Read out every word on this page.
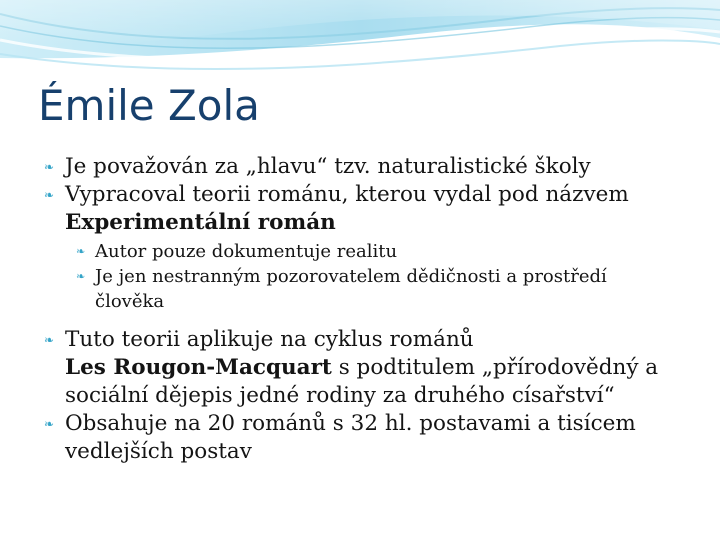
Émile Zola
❧ Je považován za „hlavu“ tzv. naturalistické školy
❧ Vypracoval teorii románu, kterou vydal pod názvem
Experimentální román
❧ Autor pouze dokumentuje realitu
❧ Je jen nestranným pozorovatelem dědičnosti a prostředí
člověka
❧ Tuto teorii aplikuje na cyklus románů
Les Rougon-Macquart s podtitulem „přírodovědný a
sociální dějepis jedné rodiny za druhého císařství“
❧ Obsahuje na 20 románů s 32 hl. postavami a tisícem
vedlejších postav
